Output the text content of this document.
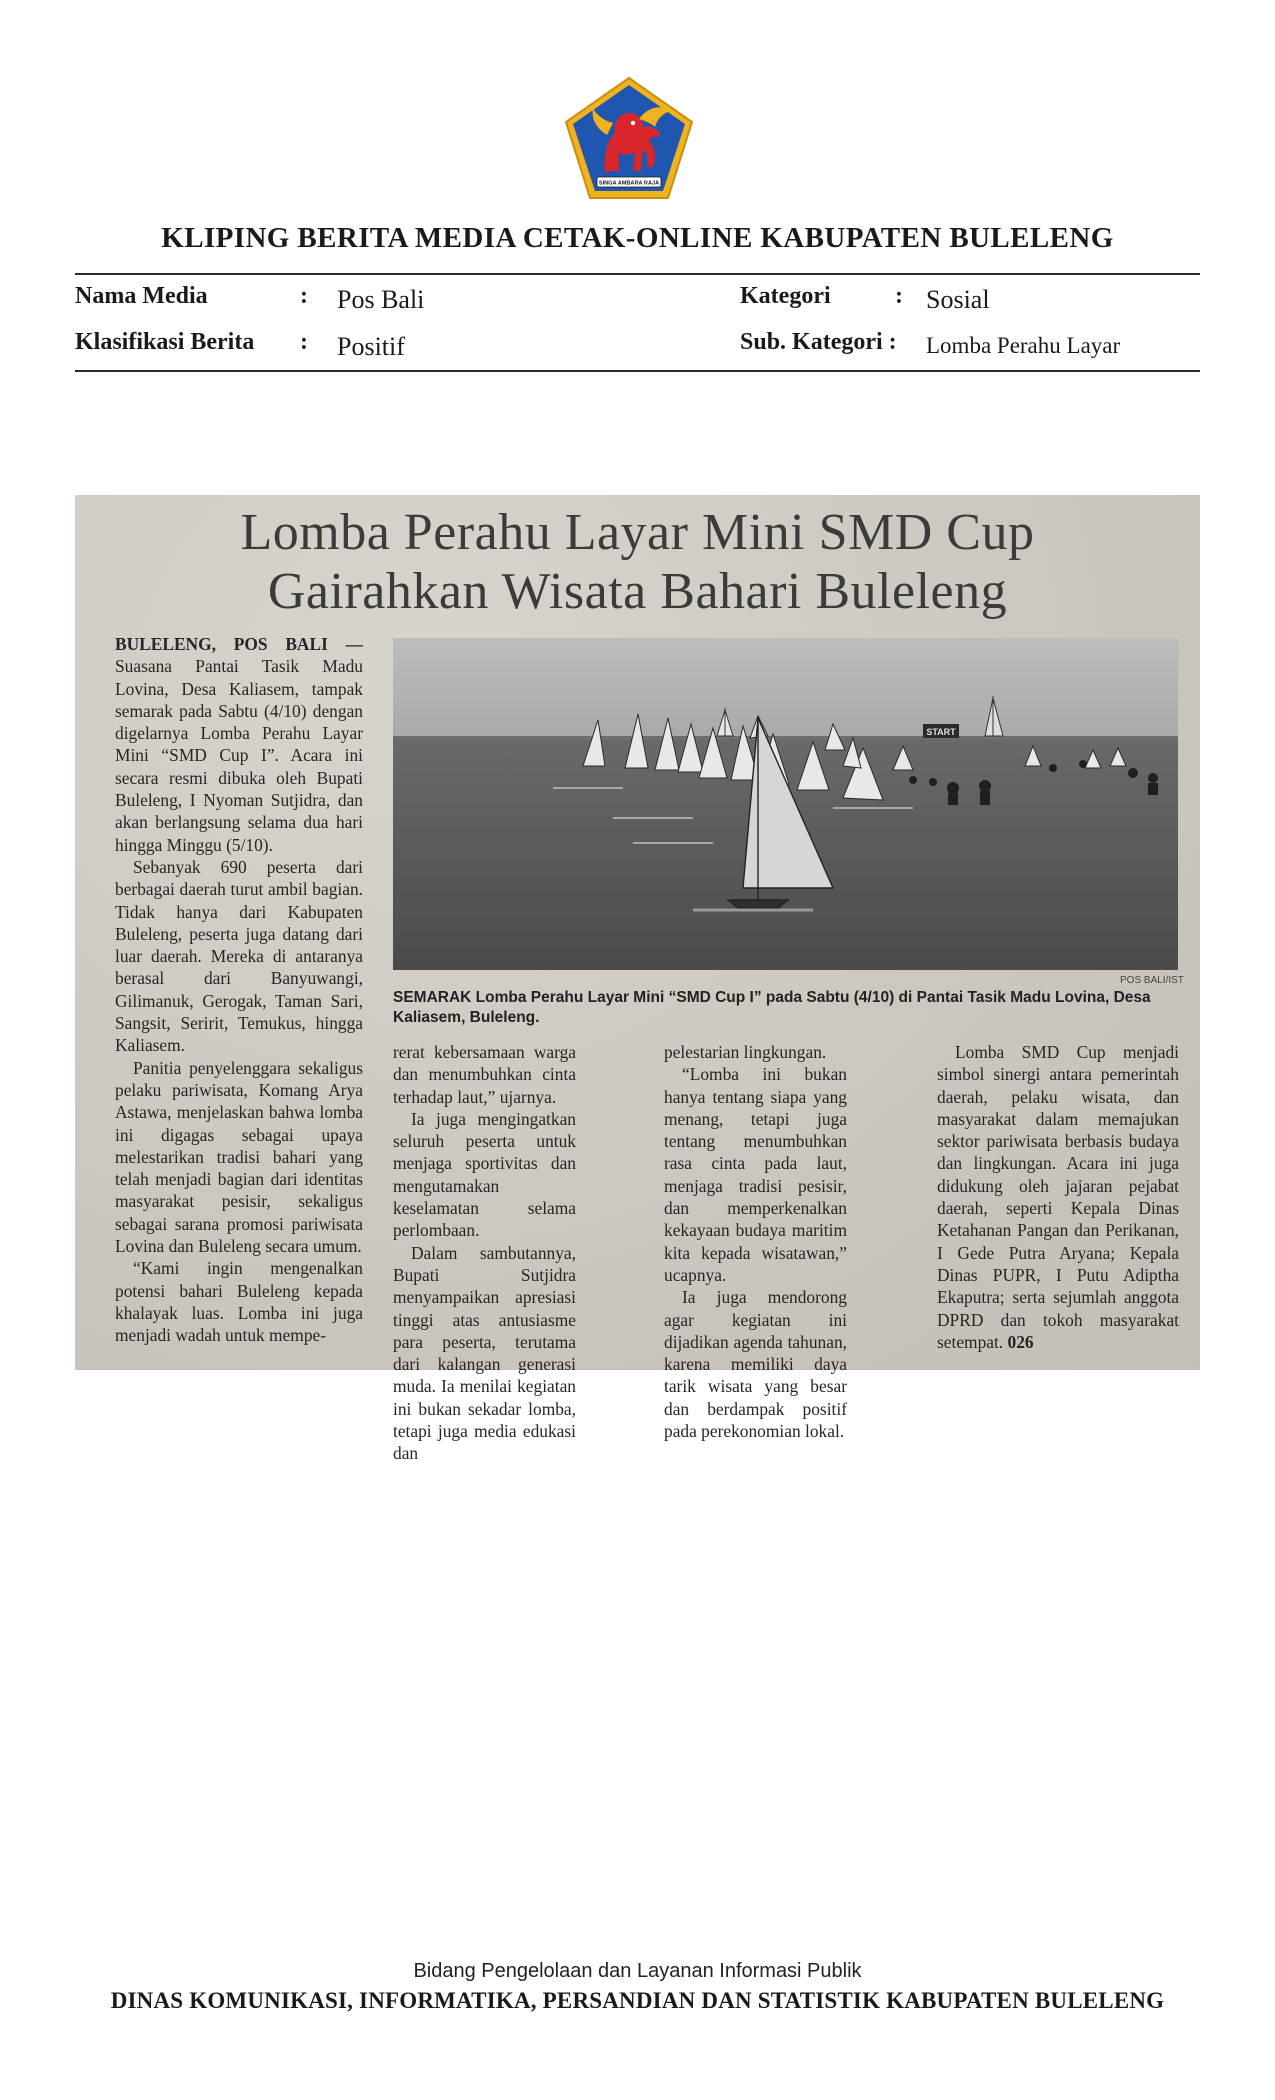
SINGA AMBARA RAJA
KLIPING BERITA MEDIA CETAK-ONLINE KABUPATEN BULELENG
Nama Media	: Pos Bali	Kategori	: Sosial
Klasifikasi Berita : Positif	Sub. Kategori : Lomba Perahu Layar
Lomba Perahu Layar Mini SMD Cup
Gairahkan Wisata Bahari Buleleng

BULELENG, POS BALI — Suasana Pantai Tasik Madu Lovina, Desa Kaliasem, tampak semarak pada Sabtu (4/10) dengan digelarnya Lomba Perahu Layar Mini “SMD Cup I”. Acara ini secara resmi dibuka oleh Bupati Buleleng, I Nyoman Sutjidra, dan akan berlangsung selama dua hari hingga Minggu (5/10).

Sebanyak 690 peserta dari berbagai daerah turut ambil bagian. Tidak hanya dari Kabupaten Buleleng, peserta juga datang dari luar daerah. Mereka di antaranya berasal dari Banyuwangi, Gilimanuk, Gerogak, Taman Sari, Sangsit, Seririt, Temukus, hingga Kaliasem.

Panitia penyelenggara sekaligus pelaku pariwisata, Komang Arya Astawa, menjelaskan bahwa lomba ini digagas sebagai upaya melestarikan tradisi bahari yang telah menjadi bagian dari identitas masyarakat pesisir, sekaligus sebagai sarana promosi pariwisata Lovina dan Buleleng secara umum.

“Kami ingin mengenalkan potensi bahari Buleleng kepada khalayak luas. Lomba ini juga menjadi wadah untuk mempe-

START
POS BALI/IST
SEMARAK Lomba Perahu Layar Mini “SMD Cup I” pada Sabtu (4/10) di Pantai Tasik Madu Lovina, Desa Kaliasem, Buleleng.

rerat kebersamaan warga dan menumbuhkan cinta terhadap laut,” ujarnya.

Ia juga mengingatkan seluruh peserta untuk menjaga sportivitas dan mengutamakan keselamatan selama perlombaan.

Dalam sambutannya, Bupati Sutjidra menyampaikan apresiasi tinggi atas antusiasme para peserta, terutama dari kalangan generasi muda. Ia menilai kegiatan ini bukan sekadar lomba, tetapi juga media edukasi dan

pelestarian lingkungan.

“Lomba ini bukan hanya tentang siapa yang menang, tetapi juga tentang menumbuhkan rasa cinta pada laut, menjaga tradisi pesisir, dan memperkenalkan kekayaan budaya maritim kita kepada wisatawan,” ucapnya.

Ia juga mendorong agar kegiatan ini dijadikan agenda tahunan, karena memiliki daya tarik wisata yang besar dan berdampak positif pada perekonomian lokal.

Lomba SMD Cup menjadi simbol sinergi antara pemerintah daerah, pelaku wisata, dan masyarakat dalam memajukan sektor pariwisata berbasis budaya dan lingkungan. Acara ini juga didukung oleh jajaran pejabat daerah, seperti Kepala Dinas Ketahanan Pangan dan Perikanan, I Gede Putra Aryana; Kepala Dinas PUPR, I Putu Adiptha Ekaputra; serta sejumlah anggota DPRD dan tokoh masyarakat setempat. 026

Bidang Pengelolaan dan Layanan Informasi Publik
DINAS KOMUNIKASI, INFORMATIKA, PERSANDIAN DAN STATISTIK KABUPATEN BULELENG
